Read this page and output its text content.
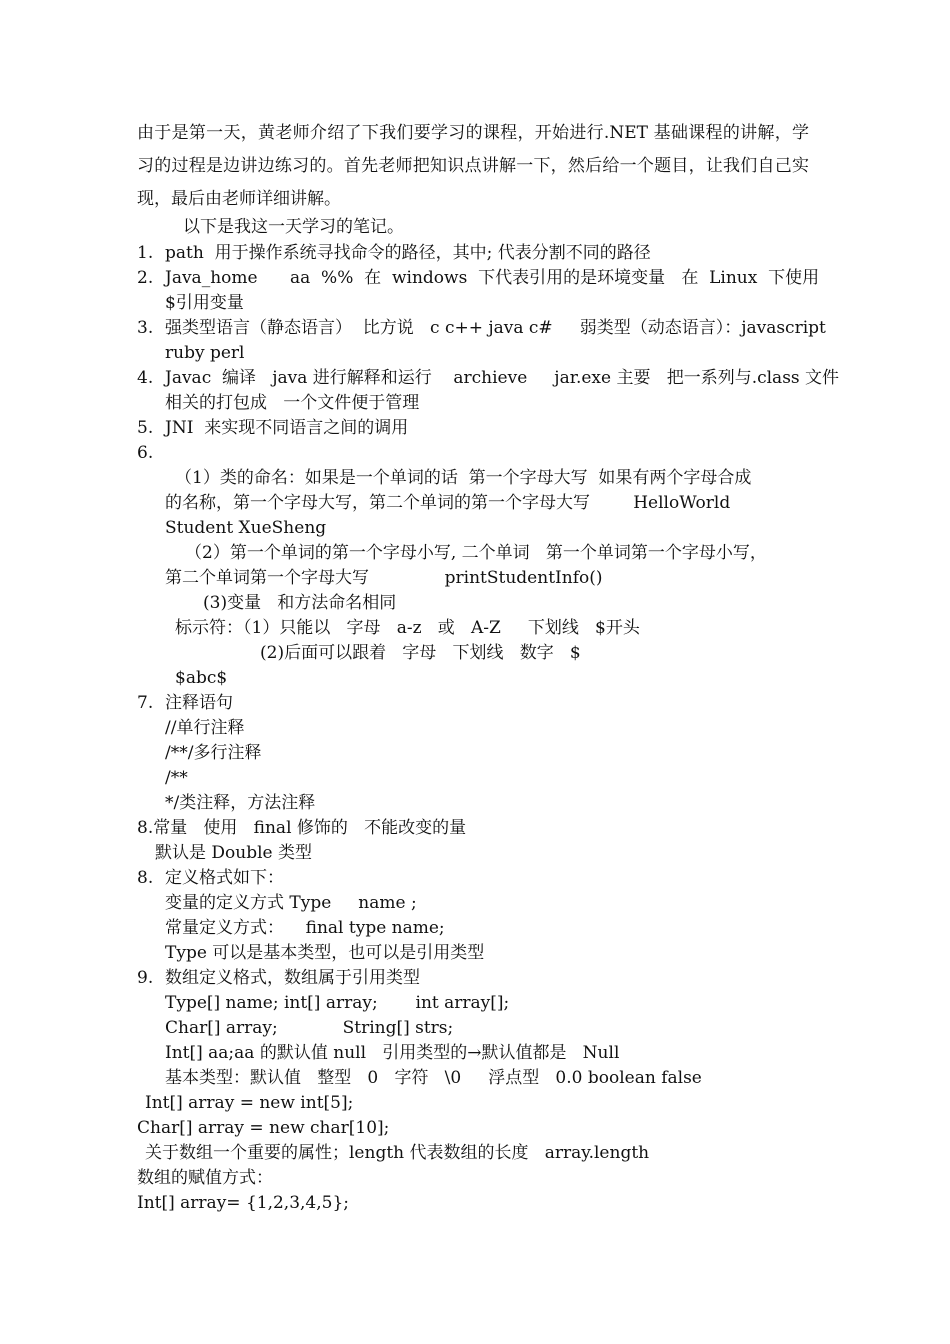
由于是第一天，黄老师介绍了下我们要学习的课程，开始进行.NET 基础课程的讲解，学习的过程是边讲边练习的。首先老师把知识点讲解一下，然后给一个题目，让我们自己实现，最后由老师详细讲解。
以下是我这一天学习的笔记。
1. path  用于操作系统寻找命令的路径，其中; 代表分割不同的路径
2. Java_home      aa  %%  在  windows  下代表引用的是环境变量   在  Linux  下使用
$引用变量
3. 强类型语言（静态语言）  比方说   c c++ java c#     弱类型（动态语言）：javascript
ruby perl
4. Javac  编译   java 进行解释和运行    archieve     jar.exe 主要   把一系列与.class 文件
相关的打包成   一个文件便于管理
5. JNI  来实现不同语言之间的调用
6.
（1）类的命名：如果是一个单词的话  第一个字母大写  如果有两个字母合成
的名称，第一个字母大写，第二个单词的第一个字母大写        HelloWorld
Student XueSheng
（2）第一个单词的第一个字母小写, 二个单词   第一个单词第一个字母小写，
第二个单词第一个字母大写              printStudentInfo()
(3)变量   和方法命名相同
标示符：（1）只能以   字母   a-z   或   A-Z     下划线   $开头
(2)后面可以跟着   字母   下划线   数字   $
$abc$
7. 注释语句
//单行注释
/**/多行注释
/**
*/类注释，方法注释
8.常量   使用   final 修饰的   不能改变的量
默认是 Double 类型
8. 定义格式如下：
变量的定义方式 Type     name ;
常量定义方式：    final type name;
Type 可以是基本类型，也可以是引用类型
9. 数组定义格式，数组属于引用类型
Type[] name; int[] array;       int array[];
Char[] array;            String[] strs;
Int[] aa;aa 的默认值 null   引用类型的→默认值都是   Null
基本类型：默认值   整型   0   字符   \0     浮点型   0.0 boolean false
Int[] array = new int[5];
Char[] array = new char[10];
关于数组一个重要的属性；length 代表数组的长度   array.length
数组的赋值方式：
Int[] array= {1,2,3,4,5};
